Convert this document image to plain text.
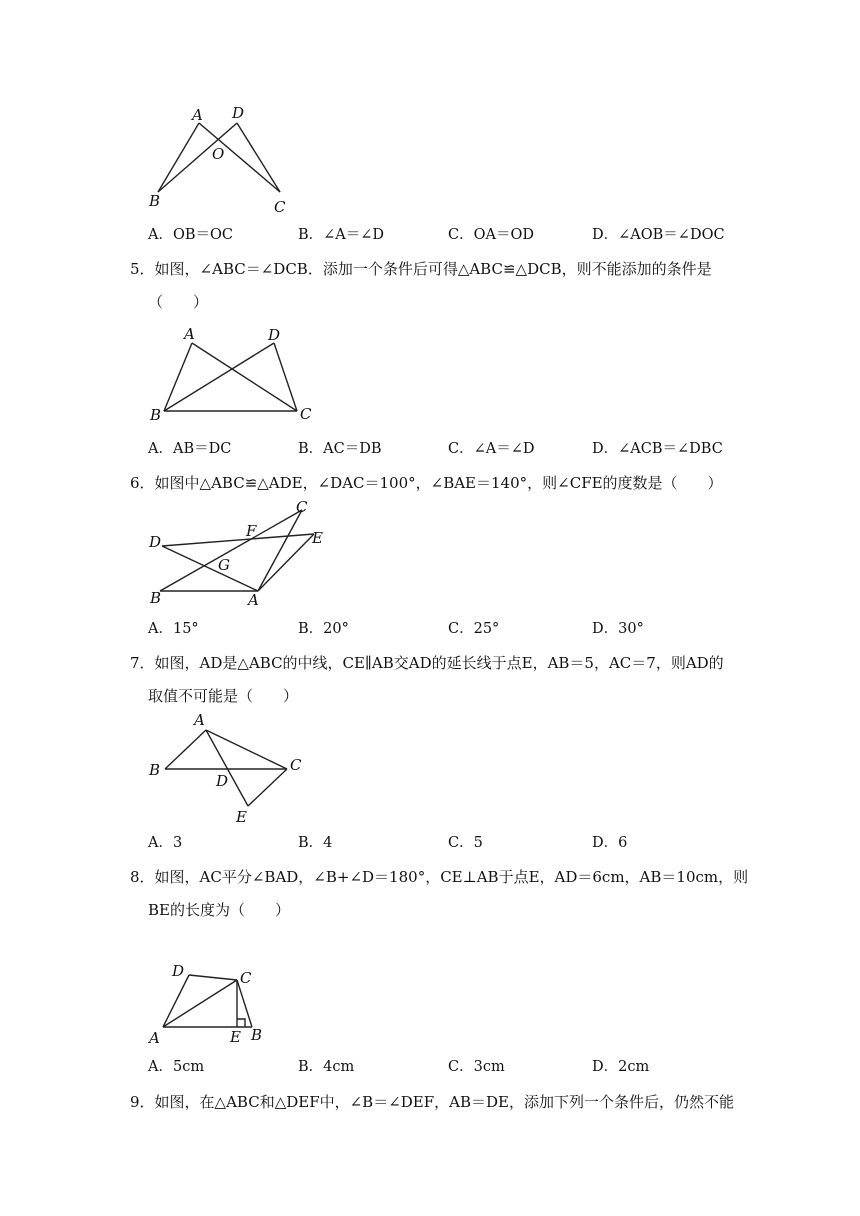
A D
O
B	C
A．OB＝OC	B．∠A＝∠D	C．OA＝OD	D．∠AOB＝∠DOC
5．如图，∠ABC＝∠DCB．添加一个条件后可得△ABC≌△DCB，则不能添加的条件是
（　　）
A	D
B	C
A．AB＝DC	B．AC＝DB	C．∠A＝∠D	D．∠ACB＝∠DBC
6．如图中△ABC≌△ADE，∠DAC＝100°，∠BAE＝140°，则∠CFE的度数是（　　）
C
F
D	E
G
B	A
A．15°	B．20°	C．25°	D．30°
7．如图，AD是△ABC的中线，CE∥AB交AD的延长线于点E，AB＝5，AC＝7，则AD的
取值不可能是（　　）
A
B	C
D
E
A．3	B．4	C．5	D．6
8．如图，AC平分∠BAD，∠B+∠D＝180°，CE⊥AB于点E，AD＝6cm，AB＝10cm，则
BE的长度为（　　）
D	C
A	E B
A．5cm	B．4cm	C．3cm	D．2cm
9．如图，在△ABC和△DEF中，∠B＝∠DEF，AB＝DE，添加下列一个条件后，仍然不能
